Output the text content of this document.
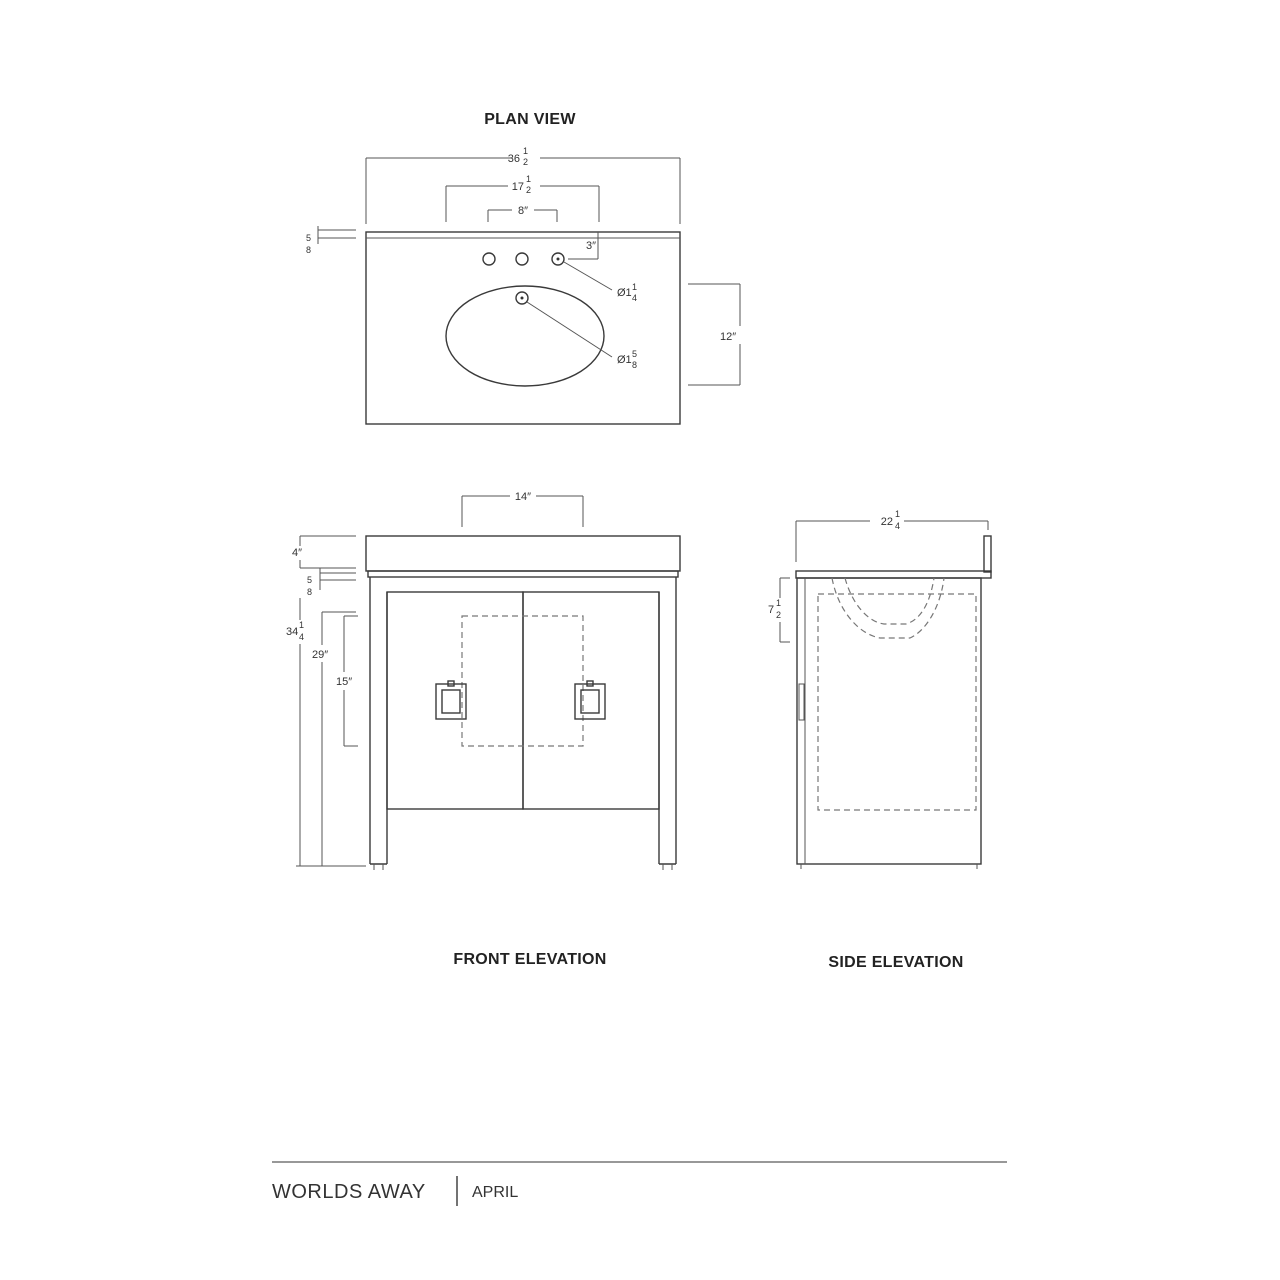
PLAN VIEW
36
1
2
17
1
2
8″
5
8	3″
Ø1 1
4
Ø1 5
8
12″
FRONT ELEVATION
14″
4″
5
8
34
1
4
29″
15″
SIDE ELEVATION
22
1
4
7
1
2
WORLDS AWAY	APRIL
